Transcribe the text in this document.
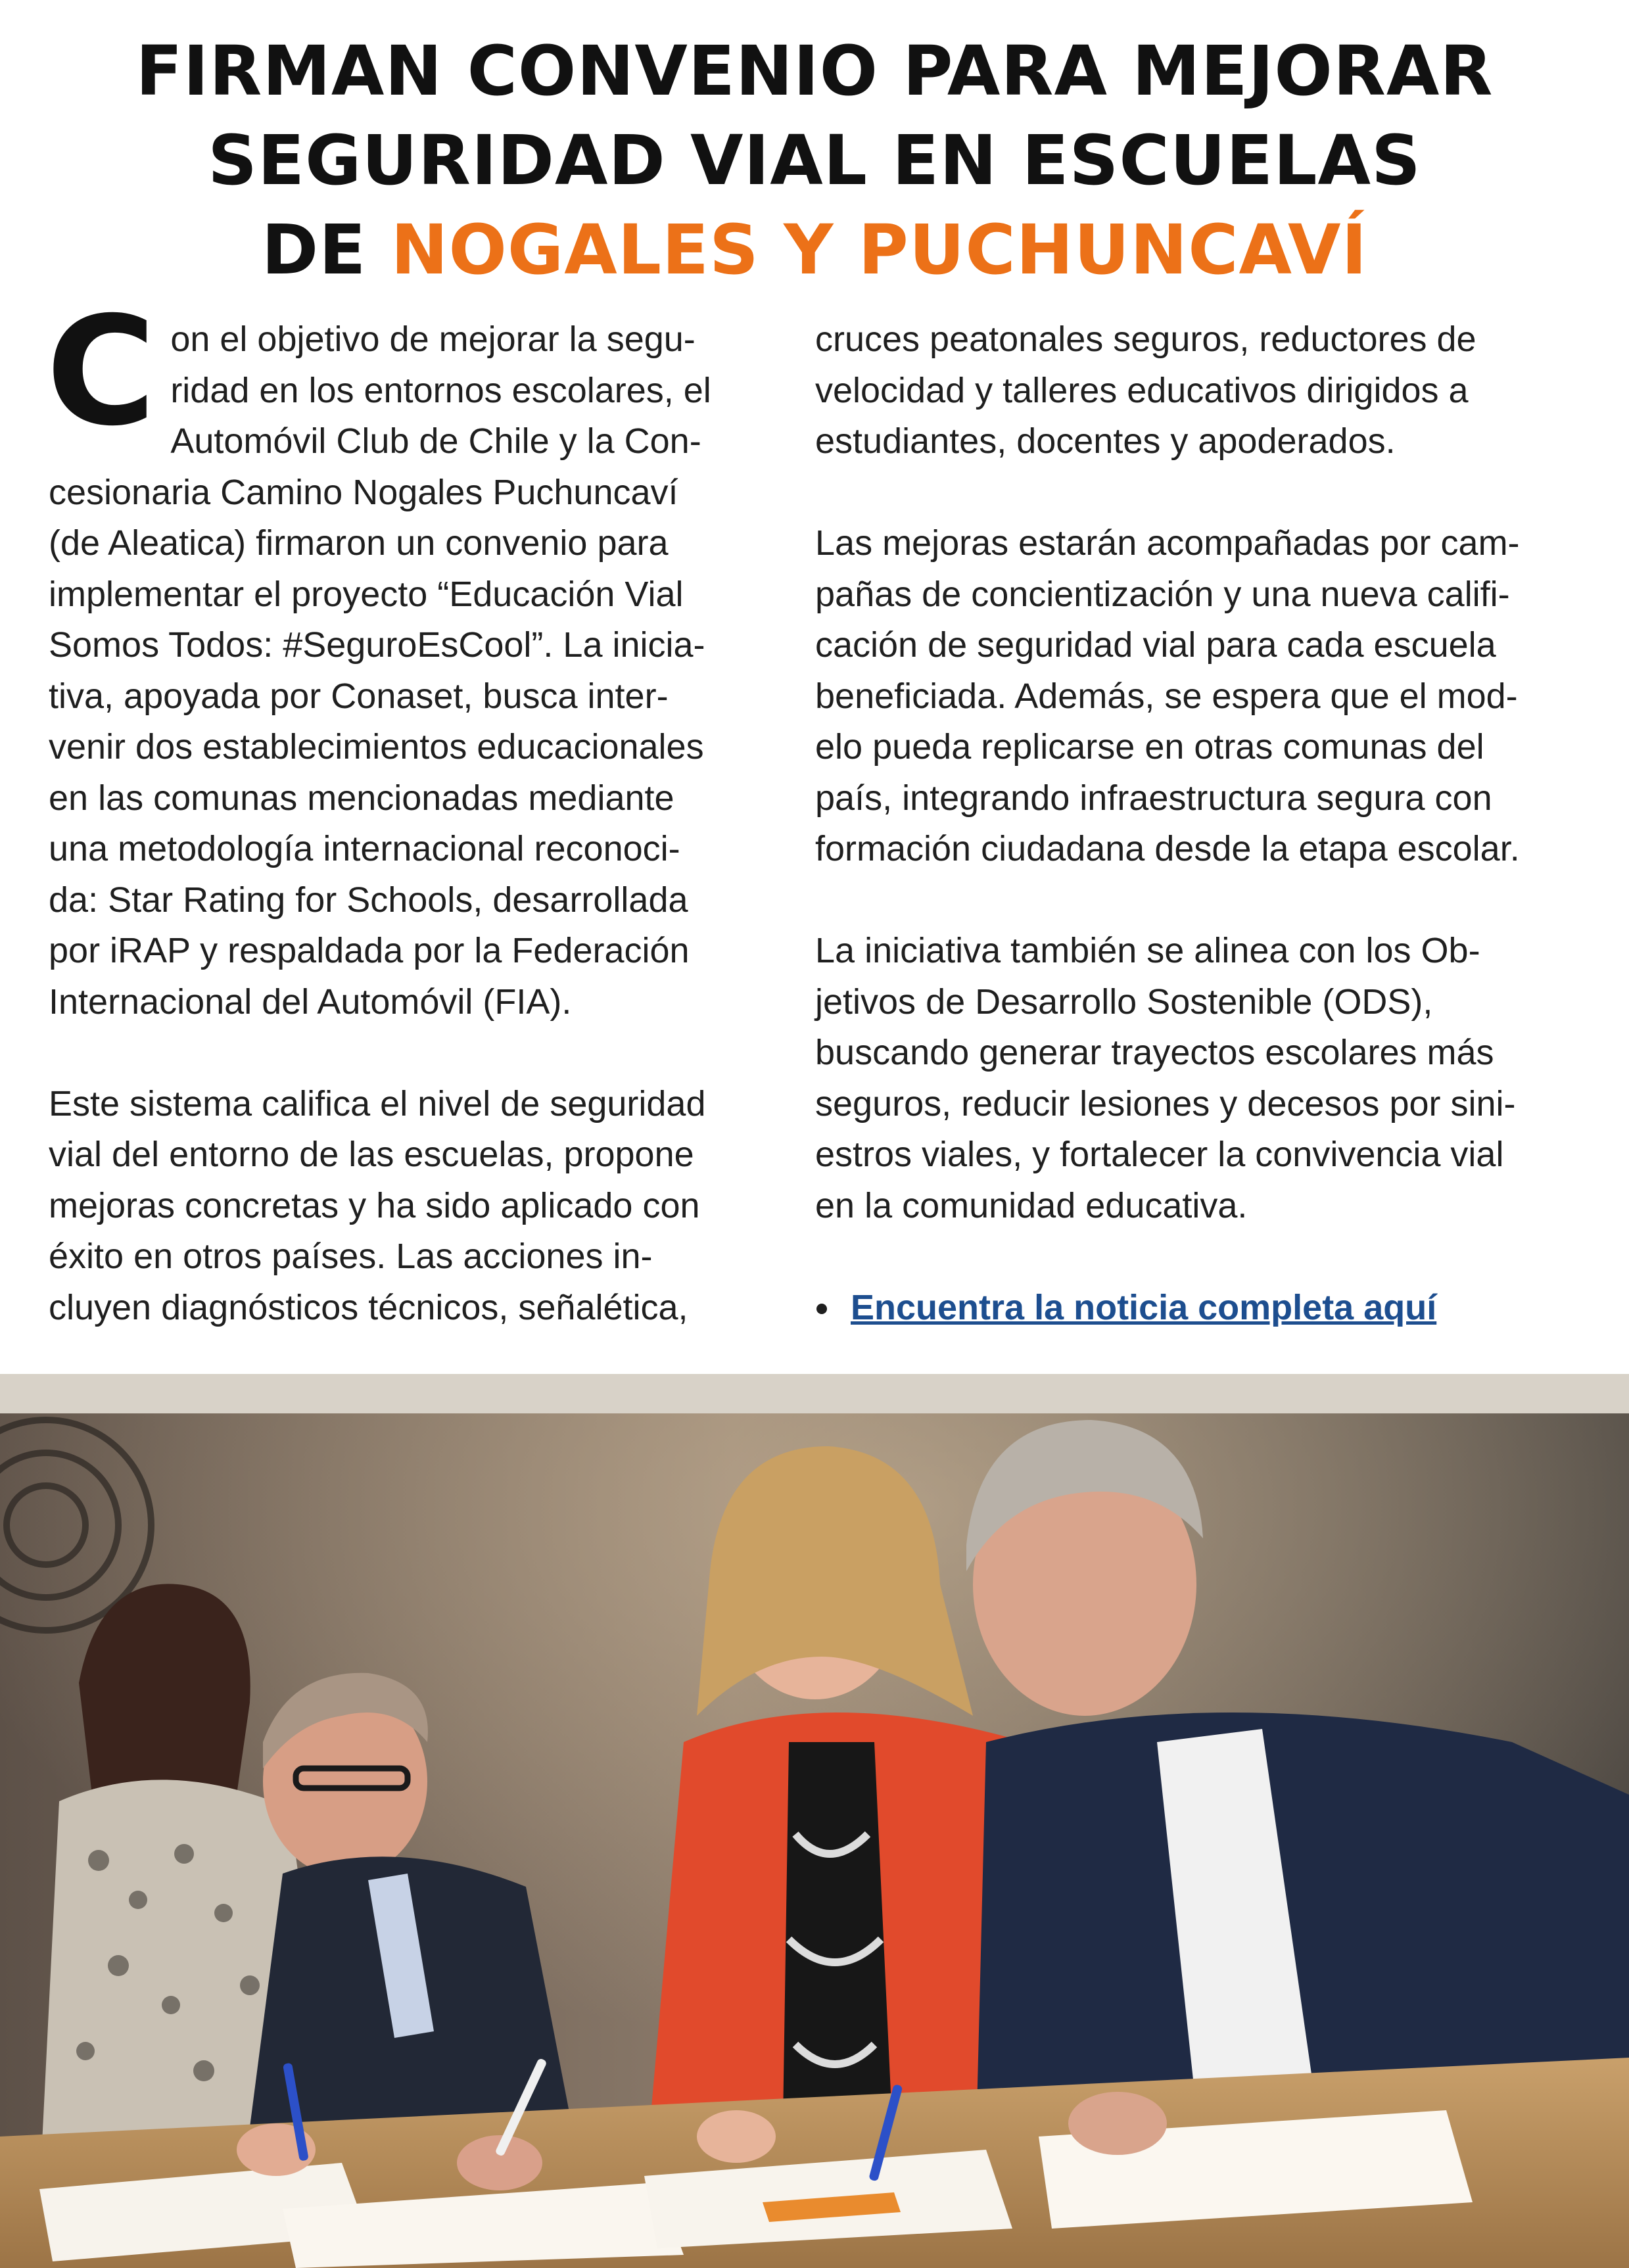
FIRMAN CONVENIO PARA MEJORAR
SEGURIDAD VIAL EN ESCUELAS
DE NOGALES Y PUCHUNCAVÍ

Con el objetivo de mejorar la segu-
ridad en los entornos escolares, el
Automóvil Club de Chile y la Con-
cesionaria Camino Nogales Puchuncaví
(de Aleatica) firmaron un convenio para
implementar el proyecto “Educación Vial
Somos Todos: #SeguroEsCool”. La inicia-
tiva, apoyada por Conaset, busca inter-
venir dos establecimientos educacionales
en las comunas mencionadas mediante
una metodología internacional reconoci-
da: Star Rating for Schools, desarrollada
por iRAP y respaldada por la Federación
Internacional del Automóvil (FIA).

Este sistema califica el nivel de seguridad
vial del entorno de las escuelas, propone
mejoras concretas y ha sido aplicado con
éxito en otros países. Las acciones in-
cluyen diagnósticos técnicos, señalética,

cruces peatonales seguros, reductores de
velocidad y talleres educativos dirigidos a
estudiantes, docentes y apoderados.

Las mejoras estarán acompañadas por cam-
pañas de concientización y una nueva califi-
cación de seguridad vial para cada escuela
beneficiada. Además, se espera que el mod-
elo pueda replicarse en otras comunas del
país, integrando infraestructura segura con
formación ciudadana desde la etapa escolar.

La iniciativa también se alinea con los Ob-
jetivos de Desarrollo Sostenible (ODS),
buscando generar trayectos escolares más
seguros, reducir lesiones y decesos por sini-
estros viales, y fortalecer la convivencia vial
en la comunidad educativa.

Encuentra la noticia completa aquí
